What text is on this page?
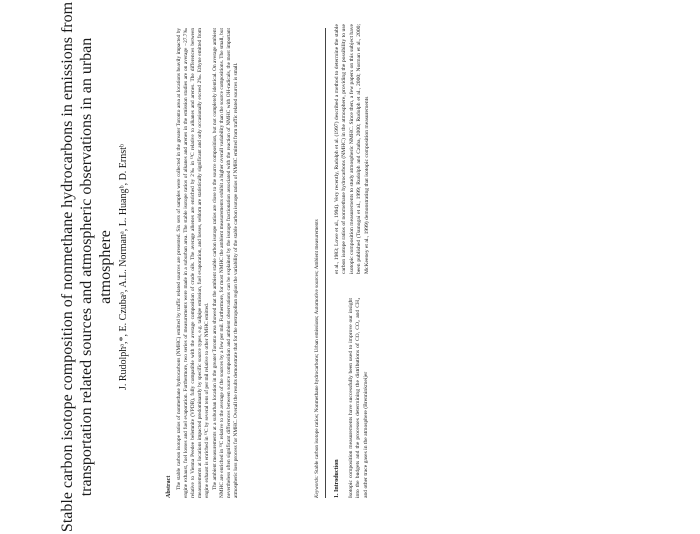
Stable carbon isotope composition of nonmethane hydrocarbons in emissions from transportation related sources and atmospheric observations in an urban atmosphere J. Rudolphᵃ,*, E. Czubaᵃ, A.L. Normanᵃ, L. Huangᵇ, D. Ernstᵇ
Abstract The stable carbon isotope ratios of nonmethane hydrocarbons (NMHC) emitted by traffic related sources are presented. Six sets of samples were collected in the greater Toronto area at locations heavily impacted by engine exhaust, fuel losses and fuel evaporation. Furthermore, two series of measurements were made in a suburban area. The stable isotope ratios of alkanes and arenes in the emission studies are on average −27.7‰ relative to Vienna Peedee belemnite (VPDB), fully compatible with the average composition of crude oils. The average alkenes are enriched by 2‰ in ¹³C relative to alkanes and arenes. The differences between measurements at locations impacted predominantly by specific source types, e.g. tailpipe emission, fuel evaporation, and losses, seldom are statistically significant and only occasionally exceed 2‰. Ethyne emitted from engine exhaust is enriched in ¹³C by several tens of per mil relative to other NMHC emitted. The ambient measurements at a suburban location in the greater Toronto area showed that the ambient stable carbon isotope ratios are close to the source composition, but not completely identical. On average ambient NMHC are enriched in ¹³C relative to the average of the sources by a few per mil. Furthermore, for most NMHC the ambient measurements exhibit a higher overall variability than the source compositions. The small, but nevertheless often significant differences between source composition and ambient observations can be explained by the isotope fractionation associated with the reaction of NMHC with OH-radicals, the most important atmospheric loss process for NMHC. Overall the results demonstrate that for the metropolitan region the variability of the stable carbon isotope ratios of NMHC emitted from traffic related sources is small.	Keywords: Stable carbon isotope ratios; Nonmethane hydrocarbons; Urban emissions; Automotive sources; Ambient measurements
1. Introduction Isotopic composition measurements have successfully been used to improve our insight into the budgets and the processes determining the distributions of CO, CO₂ and CH₄ and other trace gases in the atmosphere (Brenninkmeijer
et al., 1983; Lowe et al., 1994). Very recently, Rudolph et al. (1997) described a method to determine the stable carbon isotope ratios of nonmethane hydrocarbons (NMHC) in the atmosphere, providing the possibility to use isotopic composition measurements to study atmospheric NMHC. Since then, a few papers on this subject have been published (Tsunogai et al., 1999; Rudolph and Czuba, 2000; Rudolph et al., 2000; Norman et al., 2000; McKeeney et al., 1999) demonstrating that isotopic composition measurements
